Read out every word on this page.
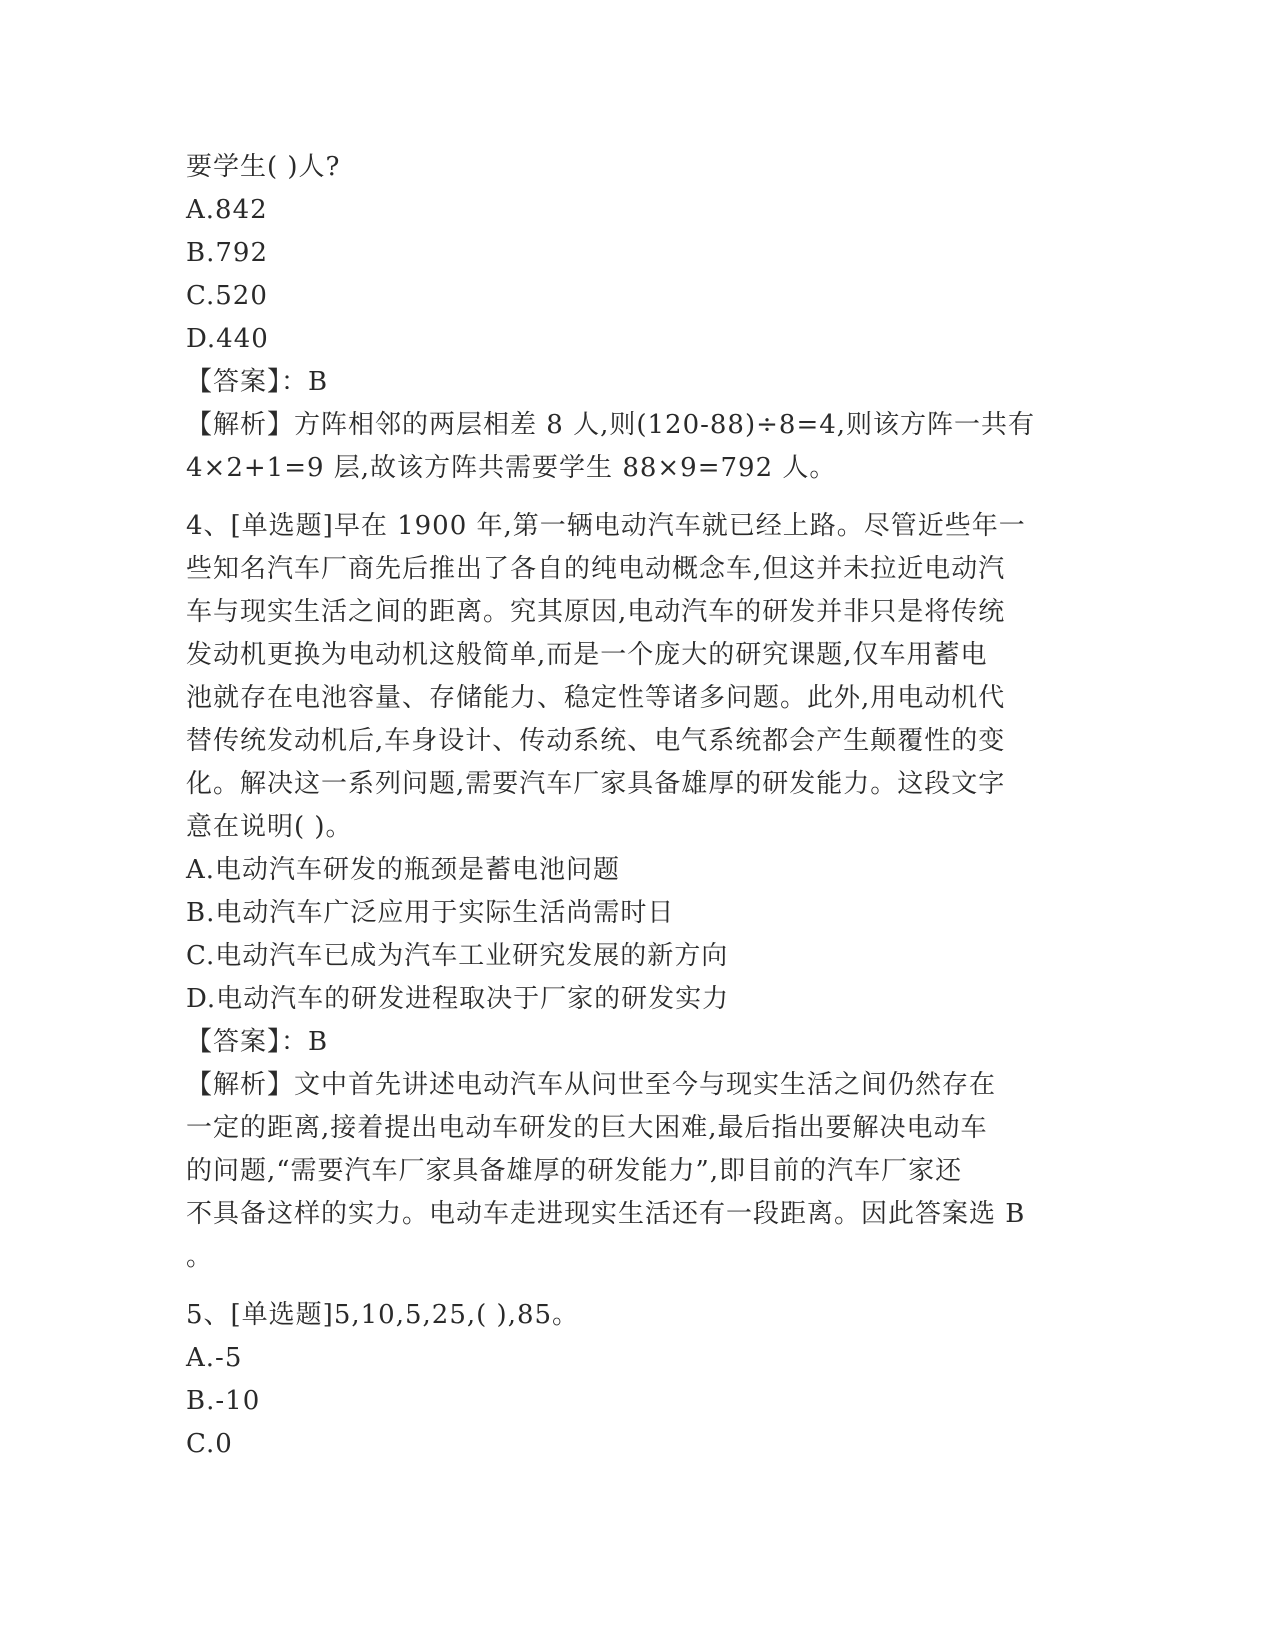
要学生( )人?
A.842
B.792
C.520
D.440
【答案】：B
【解析】方阵相邻的两层相差 8 人,则(120-88)÷8=4,则该方阵一共有
4×2+1=9 层,故该方阵共需要学生 88×9=792 人。
4、[单选题]早在 1900 年,第一辆电动汽车就已经上路。尽管近些年一
些知名汽车厂商先后推出了各自的纯电动概念车,但这并未拉近电动汽
车与现实生活之间的距离。究其原因,电动汽车的研发并非只是将传统
发动机更换为电动机这般简单,而是一个庞大的研究课题,仅车用蓄电
池就存在电池容量、存储能力、稳定性等诸多问题。此外,用电动机代
替传统发动机后,车身设计、传动系统、电气系统都会产生颠覆性的变
化。解决这一系列问题,需要汽车厂家具备雄厚的研发能力。这段文字
意在说明( )。
A.电动汽车研发的瓶颈是蓄电池问题
B.电动汽车广泛应用于实际生活尚需时日
C.电动汽车已成为汽车工业研究发展的新方向
D.电动汽车的研发进程取决于厂家的研发实力
【答案】：B
【解析】文中首先讲述电动汽车从问世至今与现实生活之间仍然存在
一定的距离,接着提出电动车研发的巨大困难,最后指出要解决电动车
的问题,“需要汽车厂家具备雄厚的研发能力”,即目前的汽车厂家还
不具备这样的实力。电动车走进现实生活还有一段距离。因此答案选 B
。
5、[单选题]5,10,5,25,( ),85。
A.-5
B.-10
C.0
